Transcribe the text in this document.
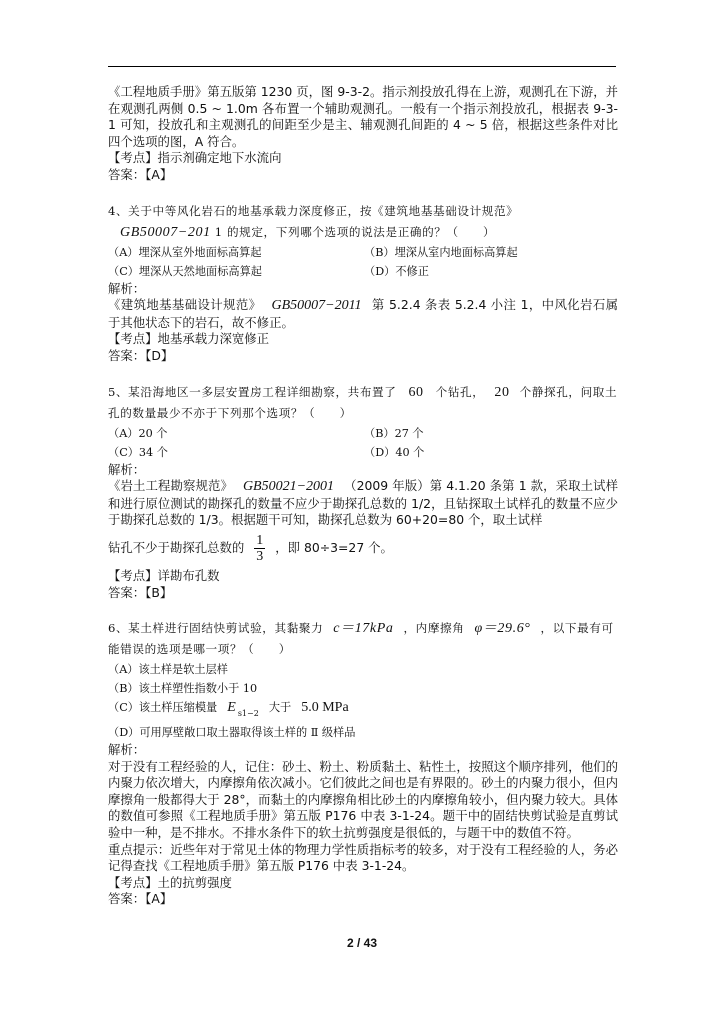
《工程地质手册》第五版第 1230 页，图 9-3-2。指示剂投放孔得在上游，观测孔在下游，并在观测孔两侧 0.5 ~ 1.0m 各布置一个辅助观测孔。一般有一个指示剂投放孔，根据表 9-3-1 可知，投放孔和主观测孔的间距至少是主、辅观测孔间距的 4 ~ 5 倍，根据这些条件对比四个选项的图，A 符合。

【考点】指示剂确定地下水流向

答案：【A】

4、关于中等风化岩石的地基承载力深度修正，按《建筑地基基础设计规范》
GB50007−201 1 的规定，下列哪个选项的说法是正确的？（　　）

（A）埋深从室外地面标高算起	（B）埋深从室内地面标高算起
（C）埋深从天然地面标高算起	（D）不修正

解析：

《建筑地基基础设计规范》 GB50007−2011 第 5.2.4 条表 5.2.4 小注 1，中风化岩石属于其他状态下的岩石，故不修正。

【考点】地基承载力深宽修正

答案：【D】

5、某沿海地区一多层安置房工程详细勘察，共布置了 60 个钻孔， 20 个静探孔，问取土孔的数量最少不亦于下列那个选项？（　　）

（A）20 个	（B）27 个
（C）34 个	（D）40 个

解析：

《岩土工程勘察规范》 GB50021−2001 （2009 年版）第 4.1.20 条第 1 款，采取土试样和进行原位测试的勘探孔的数量不应少于勘探孔总数的 1/2，且钻探取土试样孔的数量不应少于勘探孔总数的 1/3。根据题干可知，勘探孔总数为 60+20=80 个，取土试样

钻孔不少于勘探孔总数的 $\frac{1}{3}$ ，即 80÷3=27 个。

【考点】详勘布孔数

答案：【B】

6、某土样进行固结快剪试验，其黏聚力 c＝17kPa ，内摩擦角 φ＝29.6° ，以下最有可能错误的选项是哪一项？（　　）

（A）该土样是软土层样
（B）该土样塑性指数小于 10
（C）该土样压缩模量 E s1−2 大于 5.0 MPa
（D）可用厚壁敞口取土器取得该土样的 Ⅱ 级样品

解析：

对于没有工程经验的人，记住：砂土、粉土、粉质黏土、粘性土，按照这个顺序排列，他们的内聚力依次增大，内摩擦角依次减小。它们彼此之间也是有界限的。砂土的内聚力很小，但内摩擦角一般都得大于 28°，而黏土的内摩擦角相比砂土的内摩擦角较小，但内聚力较大。具体的数值可参照《工程地质手册》第五版 P176 中表 3-1-24。题干中的固结快剪试验是直剪试验中一种，是不排水。不排水条件下的软土抗剪强度是很低的，与题干中的数值不符。

重点提示：近些年对于常见土体的物理力学性质指标考的较多，对于没有工程经验的人，务必记得查找《工程地质手册》第五版 P176 中表 3-1-24。

【考点】土的抗剪强度

答案：【A】

2 / 43
